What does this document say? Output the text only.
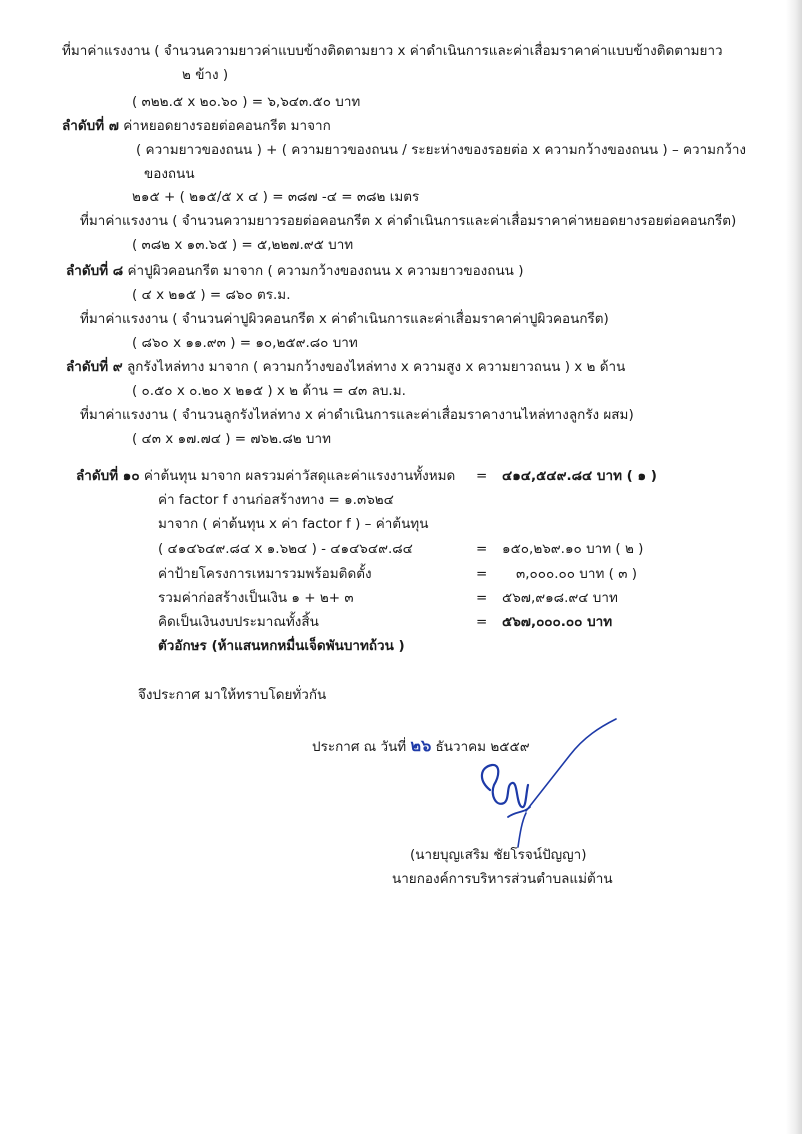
ที่มาค่าแรงงาน ( จำนวนความยาวค่าแบบข้างติดตามยาว x ค่าดำเนินการและค่าเสื่อมราคาค่าแบบข้างติดตามยาว
๒ ข้าง )
( ๓๒๒.๕ x ๒๐.๖๐ ) = ๖,๖๔๓.๕๐ บาท
ลำดับที่ ๗ ค่าหยอดยางรอยต่อคอนกรีต มาจาก
( ความยาวของถนน ) + ( ความยาวของถนน / ระยะห่างของรอยต่อ x ความกว้างของถนน ) – ความกว้าง
ของถนน
๒๑๕ + ( ๒๑๕/๕ x ๔ ) = ๓๘๗ -๔ = ๓๘๒ เมตร
ที่มาค่าแรงงาน ( จำนวนความยาวรอยต่อคอนกรีต x ค่าดำเนินการและค่าเสื่อมราคาค่าหยอดยางรอยต่อคอนกรีต)
( ๓๘๒ x ๑๓.๖๕ ) = ๕,๒๒๗.๙๕ บาท
ลำดับที่ ๘ ค่าปูผิวคอนกรีต มาจาก ( ความกว้างของถนน x ความยาวของถนน )
( ๔ x ๒๑๕ ) = ๘๖๐ ตร.ม.
ที่มาค่าแรงงาน ( จำนวนค่าปูผิวคอนกรีต x ค่าดำเนินการและค่าเสื่อมราคาค่าปูผิวคอนกรีต)
( ๘๖๐ x ๑๑.๙๓ ) = ๑๐,๒๕๙.๘๐ บาท
ลำดับที่ ๙ ลูกรังไหล่ทาง มาจาก ( ความกว้างของไหล่ทาง x ความสูง x ความยาวถนน ) x ๒ ด้าน
( ๐.๕๐ x ๐.๒๐ x ๒๑๕ ) x ๒ ด้าน = ๔๓ ลบ.ม.
ที่มาค่าแรงงาน ( จำนวนลูกรังไหล่ทาง x ค่าดำเนินการและค่าเสื่อมราคางานไหล่ทางลูกรัง ผสม)
( ๔๓ x ๑๗.๗๔ ) = ๗๖๒.๘๒ บาท
ลำดับที่ ๑๐ ค่าต้นทุน มาจาก ผลรวมค่าวัสดุและค่าแรงงานทั้งหมด = ๔๑๔,๕๔๙.๘๔ บาท ( ๑ )
ค่า factor f งานก่อสร้างทาง = ๑.๓๖๒๔
มาจาก ( ค่าต้นทุน x ค่า factor f ) – ค่าต้นทุน
( ๔๑๔๖๔๙.๘๔ x ๑.๖๒๔ ) - ๔๑๔๖๔๙.๘๔	= ๑๕๐,๒๖๙.๑๐ บาท ( ๒ )
ค่าป้ายโครงการเหมารวมพร้อมติดตั้ง	= ๓,๐๐๐.๐๐ บาท ( ๓ )
รวมค่าก่อสร้างเป็นเงิน ๑ + ๒+ ๓	= ๕๖๗,๙๑๘.๙๔ บาท
คิดเป็นเงินงบประมาณทั้งสิ้น	= ๕๖๗,๐๐๐.๐๐ บาท
ตัวอักษร (ห้าแสนหกหมื่นเจ็ดพันบาทถ้วน )
จึงประกาศ มาให้ทราบโดยทั่วกัน
ประกาศ ณ วันที่ ๒๖ ธันวาคม ๒๕๕๙
(นายบุญเสริม ชัยโรจน์ปัญญา)
นายกองค์การบริหารส่วนตำบลแม่ต้าน
